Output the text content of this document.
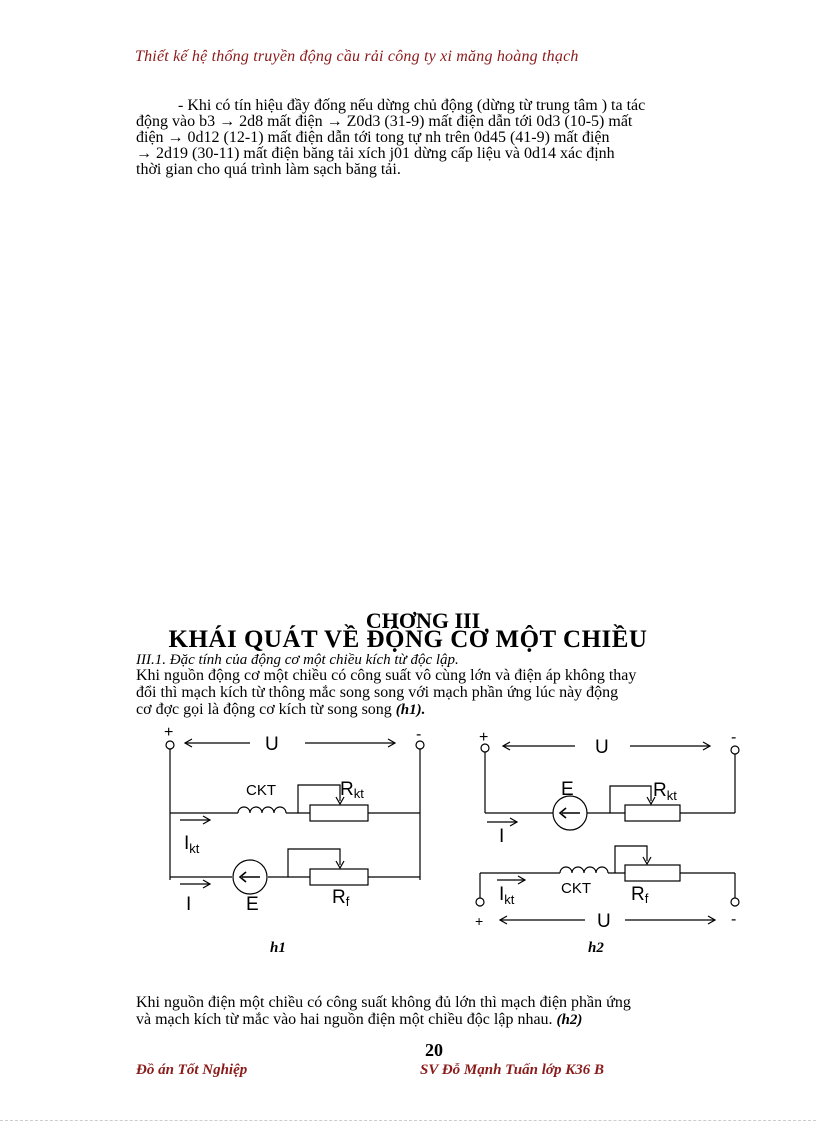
Thiết kế hệ thống truyền động cầu rải công ty xi măng hoàng thạch
- Khi có tín hiệu đầy đống nếu dừng chủ động (dừng từ trung tâm ) ta tác
động vào b3 → 2d8 mất điện → Z0d3 (31-9) mất điện dẫn tới 0d3 (10-5) mất
điện → 0d12 (12-1) mất điện dẫn tới tong tự nh trên 0d45 (41-9) mất điện
→ 2d19 (30-11) mất điện băng tải xích j01 dừng cấp liệu và 0d14 xác định
thời gian cho quá trình làm sạch băng tải.
CHƠNG III
KHÁI QUÁT VỀ ĐỘNG CƠ MỘT CHIỀU
III.1. Đặc tính của động cơ một chiều kích từ độc lập.
Khi nguồn động cơ một chiều có công suất vô cùng lớn và điện áp không thay
đổi thì mạch kích từ thông mắc song song với mạch phần ứng lúc này động
cơ đợc gọi là động cơ kích từ song song (h1).
+	-
U
CKT	Rkt
$I_{kt}$
I	E	Rf
h1
+	-
U
E	$R_{kt}$
I
$I_{kt}$
CKT Rf
+	-
U
h2
Khi nguồn điện một chiều có công suất không đủ lớn thì mạch điện phần ứng
và mạch kích từ mắc vào hai nguồn điện một chiều độc lập nhau. (h2)
20
Đồ án Tốt Nghiệp	SV Đỗ Mạnh Tuấn lớp K36 B
